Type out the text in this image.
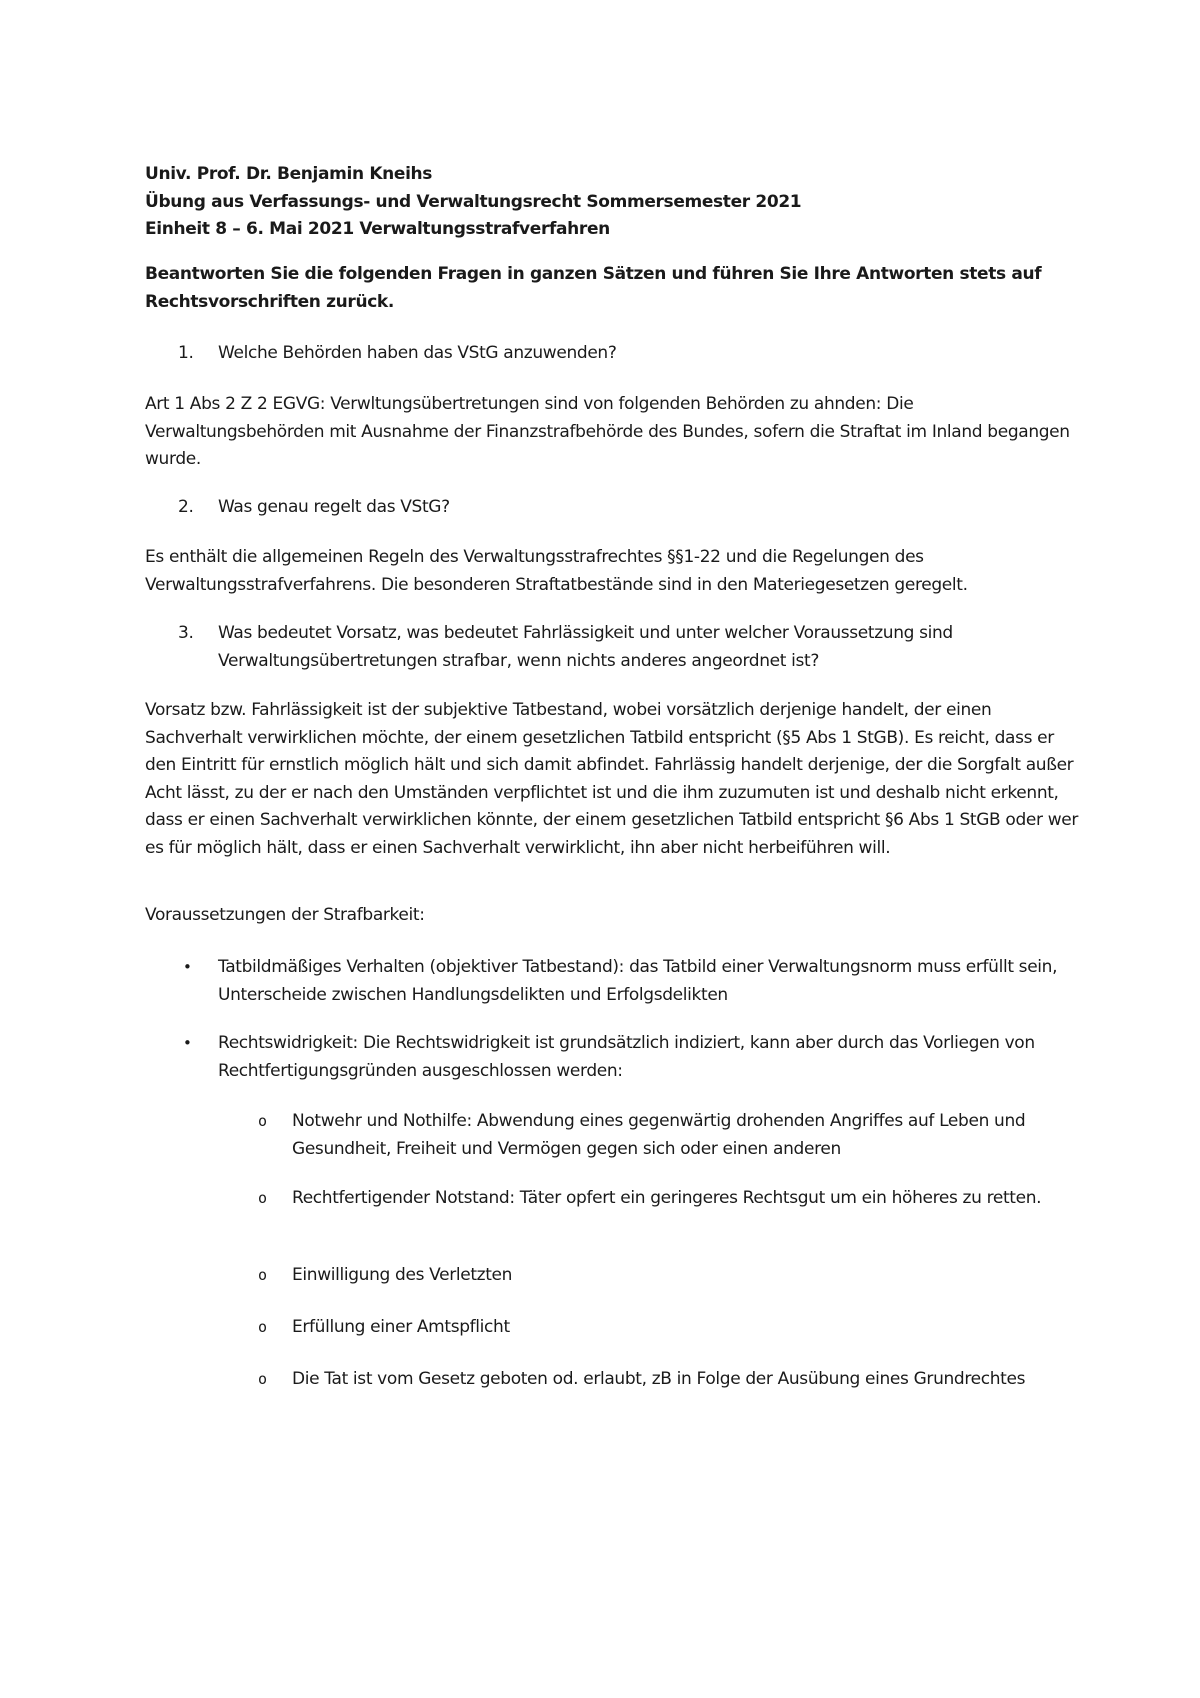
Univ. Prof. Dr. Benjamin Kneihs

Übung aus Verfassungs- und Verwaltungsrecht Sommersemester 2021

Einheit 8 – 6. Mai 2021 Verwaltungsstrafverfahren

Beantworten Sie die folgenden Fragen in ganzen Sätzen und führen Sie Ihre Antworten stets auf Rechtsvorschriften zurück.

1. Welche Behörden haben das VStG anzuwenden?

Art 1 Abs 2 Z 2 EGVG: Verwltungsübertretungen sind von folgenden Behörden zu ahnden: Die Verwaltungsbehörden mit Ausnahme der Finanzstrafbehörde des Bundes, sofern die Straftat im Inland begangen wurde.

2. Was genau regelt das VStG?

Es enthält die allgemeinen Regeln des Verwaltungsstrafrechtes §§1-22 und die Regelungen des Verwaltungsstrafverfahrens. Die besonderen Straftatbestände sind in den Materiegesetzen geregelt.

3. Was bedeutet Vorsatz, was bedeutet Fahrlässigkeit und unter welcher Voraussetzung sind Verwaltungsübertretungen strafbar, wenn nichts anderes angeordnet ist?

Vorsatz bzw. Fahrlässigkeit ist der subjektive Tatbestand, wobei vorsätzlich derjenige handelt, der einen Sachverhalt verwirklichen möchte, der einem gesetzlichen Tatbild entspricht (§5 Abs 1 StGB). Es reicht, dass er den Eintritt für ernstlich möglich hält und sich damit abfindet. Fahrlässig handelt derjenige, der die Sorgfalt außer Acht lässt, zu der er nach den Umständen verpflichtet ist und die ihm zuzumuten ist und deshalb nicht erkennt, dass er einen Sachverhalt verwirklichen könnte, der einem gesetzlichen Tatbild entspricht §6 Abs 1 StGB oder wer es für möglich hält, dass er einen Sachverhalt verwirklicht, ihn aber nicht herbeiführen will.

Voraussetzungen der Strafbarkeit:

• Tatbildmäßiges Verhalten (objektiver Tatbestand): das Tatbild einer Verwaltungsnorm muss erfüllt sein, Unterscheide zwischen Handlungsdelikten und Erfolgsdelikten

• Rechtswidrigkeit: Die Rechtswidrigkeit ist grundsätzlich indiziert, kann aber durch das Vorliegen von Rechtfertigungsgründen ausgeschlossen werden:

o Notwehr und Nothilfe: Abwendung eines gegenwärtig drohenden Angriffes auf Leben und Gesundheit, Freiheit und Vermögen gegen sich oder einen anderen

o Rechtfertigender Notstand: Täter opfert ein geringeres Rechtsgut um ein höheres zu retten.

o Einwilligung des Verletzten

o Erfüllung einer Amtspflicht

o Die Tat ist vom Gesetz geboten od. erlaubt, zB in Folge der Ausübung eines Grundrechtes
